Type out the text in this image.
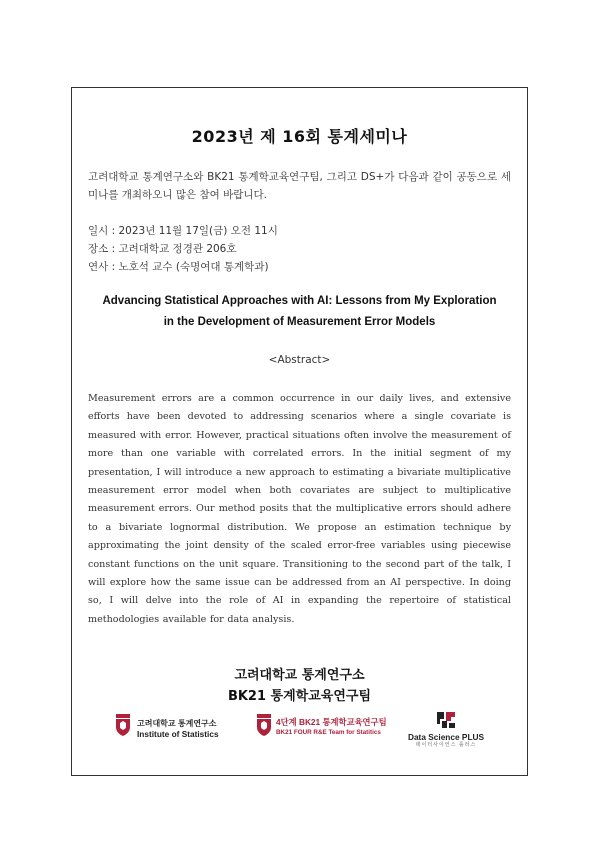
2023년 제 16회 통계세미나
고려대학교 통계연구소와 BK21 통계학교육연구팀, 그리고 DS+가 다음과 같이 공동으로 세미나를 개최하오니 많은 참여 바랍니다.
일시 : 2023년 11월 17일(금) 오전 11시
장소 : 고려대학교 정경관 206호
연사 : 노호석 교수 (숙명여대 통계학과)
Advancing Statistical Approaches with AI: Lessons from My Exploration
in the Development of Measurement Error Models
<Abstract>
Measurement errors are a common occurrence in our daily lives, and extensive efforts have been devoted to addressing scenarios where a single covariate is measured with error. However, practical situations often involve the measurement of more than one variable with correlated errors. In the initial segment of my presentation, I will introduce a new approach to estimating a bivariate multiplicative measurement error model when both covariates are subject to multiplicative measurement errors. Our method posits that the multiplicative errors should adhere to a bivariate lognormal distribution. We propose an estimation technique by approximating the joint density of the scaled error-free variables using piecewise constant functions on the unit square. Transitioning to the second part of the talk, I will explore how the same issue can be addressed from an AI perspective. In doing so, I will delve into the role of AI in expanding the repertoire of statistical methodologies available for data analysis.
고려대학교 통계연구소
BK21 통계학교육연구팀
고려대학교 통계연구소
Institute of Statistics
4단계 BK21 통계학교육연구팀
BK21 FOUR R&E Team for Statitics	Data Science PLUS
데이터사이언스 플러스
